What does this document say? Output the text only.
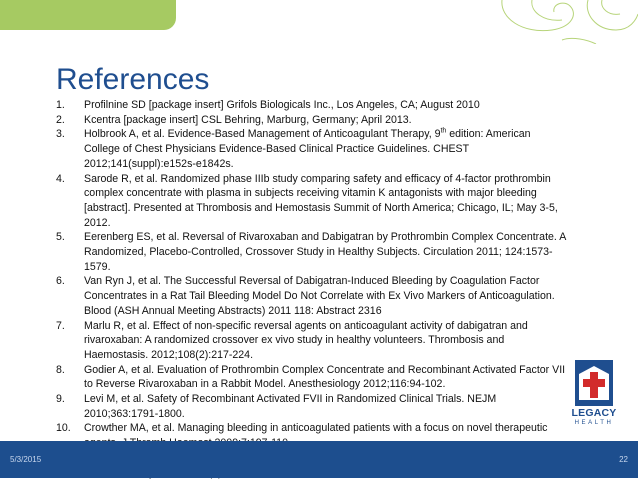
References
1.	Profilnine SD [package insert] Grifols Biologicals Inc., Los Angeles, CA; August 2010
2.	Kcentra [package insert] CSL Behring, Marburg, Germany; April 2013.
3.	Holbrook A, et al. Evidence-Based Management of Anticoagulant Therapy, 9th edition: American College of Chest Physicians Evidence-Based Clinical Practice Guidelines. CHEST 2012;141(suppl):e152s-e1842s.
4.	Sarode R, et al. Randomized phase IIIb study comparing safety and efficacy of 4-factor prothrombin complex concentrate with plasma in subjects receiving vitamin K antagonists with major bleeding [abstract]. Presented at Thrombosis and Hemostasis Summit of North America; Chicago, IL; May 3-5, 2012.
5.	Eerenberg ES, et al. Reversal of Rivaroxaban and Dabigatran by Prothrombin Complex Concentrate. A Randomized, Placebo-Controlled, Crossover Study in Healthy Subjects. Circulation 2011; 124:1573-1579.
6.	Van Ryn J, et al. The Successful Reversal of Dabigatran-Induced Bleeding by Coagulation Factor Concentrates in a Rat Tail Bleeding Model Do Not Correlate with Ex Vivo Markers of Anticoagulation. Blood (ASH Annual Meeting Abstracts) 2011 118: Abstract 2316
7.	Marlu R, et al. Effect of non-specific reversal agents on anticoagulant activity of dabigatran and rivaroxaban: A randomized crossover ex vivo study in healthy volunteers. Thrombosis and Haemostasis. 2012;108(2):217-224.
8.	Godier A, et al. Evaluation of Prothrombin Complex Concentrate and Recombinant Activated Factor VII to Reverse Rivaroxaban in a Rabbit Model. Anesthesiology 2012;116:94-102.
9.	Levi M, et al. Safety of Recombinant Activated FVII in Randomized Clinical Trials. NEJM 2010;363:1791-1800.
10.	Crowther MA, et al. Managing bleeding in anticoagulated patients with a focus on novel therapeutic
LEGACY
HEALTH
5/3/2015	22
